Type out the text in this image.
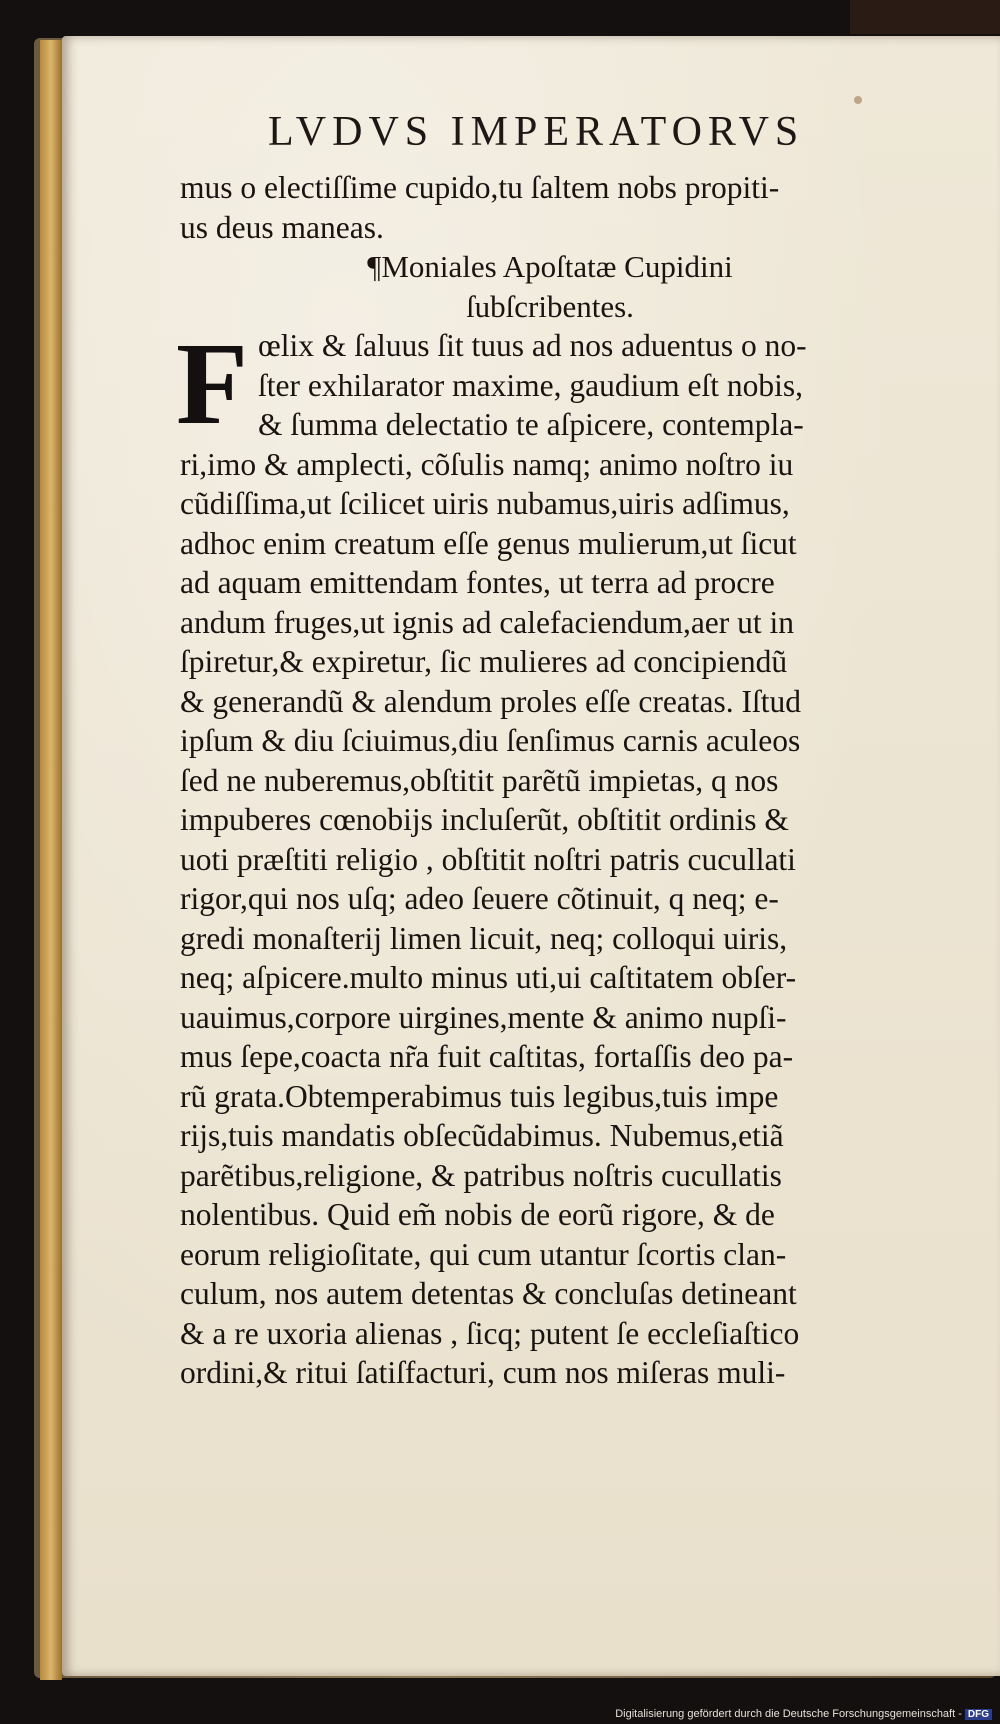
LVDVS IMPERATORVS
mus o electiſſime cupido,tu ſaltem nobs propiti-
us deus maneas.
¶Moniales Apoſtatæ Cupidini
ſubſcribentes.
F œlix & ſaluus ſit tuus ad nos aduentus o no-
ſter exhilarator maxime, gaudium eſt nobis,
& ſumma delectatio te aſpicere, contempla-
ri,imo & amplecti, cõſulis namq; animo noſtro iu
cũdiſſima,ut ſcilicet uiris nubamus,uiris adſimus,
adhoc enim creatum eſſe genus mulierum,ut ſicut
ad aquam emittendam fontes, ut terra ad procre
andum fruges,ut ignis ad calefaciendum,aer ut in
ſpiretur,& expiretur, ſic mulieres ad concipiendũ
& generandũ & alendum proles eſſe creatas. Iſtud
ipſum & diu ſciuimus,diu ſenſimus carnis aculeos
ſed ne nuberemus,obſtitit parẽtũ impietas, q nos
impuberes cœnobijs incluſerũt, obſtitit ordinis &
uoti præſtiti religio , obſtitit noſtri patris cucullati
rigor,qui nos uſq; adeo ſeuere cõtinuit, q neq; e-
gredi monaſterij limen licuit, neq; colloqui uiris,
neq; aſpicere.multo minus uti,ui caſtitatem obſer-
uauimus,corpore uirgines,mente & animo nupſi-
mus ſepe,coacta nr̃a fuit caſtitas, fortaſſis deo pa-
rũ grata.Obtemperabimus tuis legibus,tuis impe
rijs,tuis mandatis obſecũdabimus. Nubemus,etiã
parẽtibus,religione, & patribus noſtris cucullatis
nolentibus. Quid em̃ nobis de eorũ rigore, & de
eorum religioſitate, qui cum utantur ſcortis clan-
culum, nos autem detentas & concluſas detineant
& a re uxoria alienas , ſicq; putent ſe eccleſiaſtico
ordini,& ritui ſatiſfacturi, cum nos miſeras muli-
Digitalisierung gefördert durch die Deutsche Forschungsgemeinschaft - DFG
